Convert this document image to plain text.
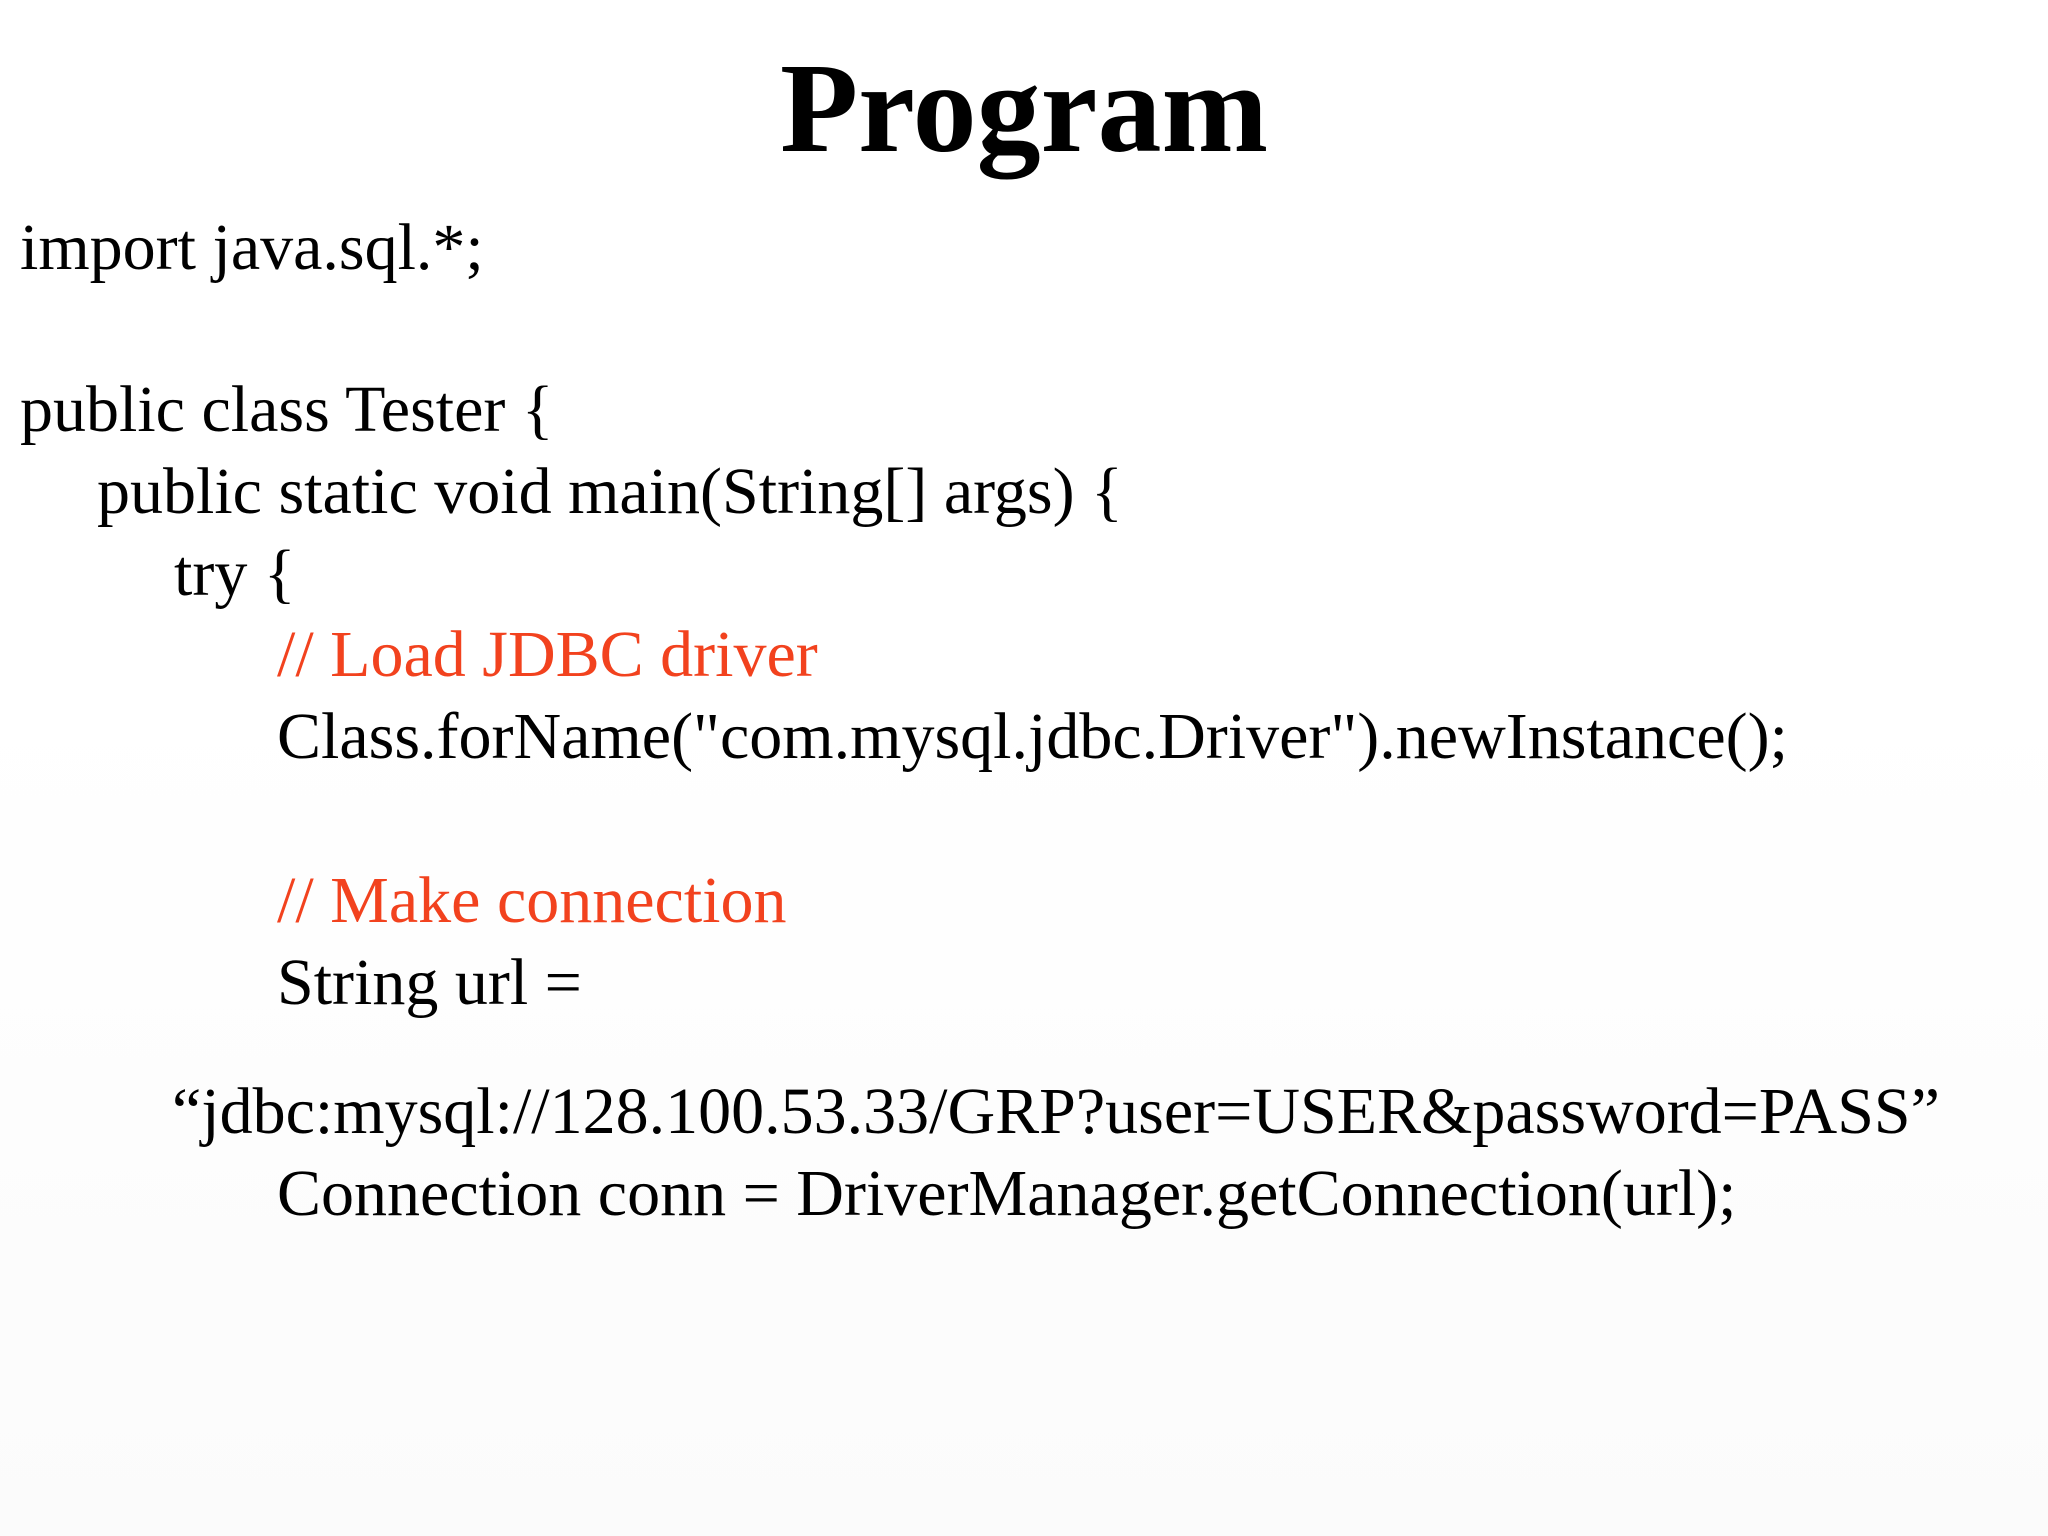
Program
import java.sql.*;
public class Tester {
public static void main(String[] args) {
try {
// Load JDBC driver
Class.forName("com.mysql.jdbc.Driver").newInstance();
// Make connection
String url =
“jdbc:mysql://128.100.53.33/GRP?user=USER&password=PASS”
Connection conn = DriverManager.getConnection(url);
